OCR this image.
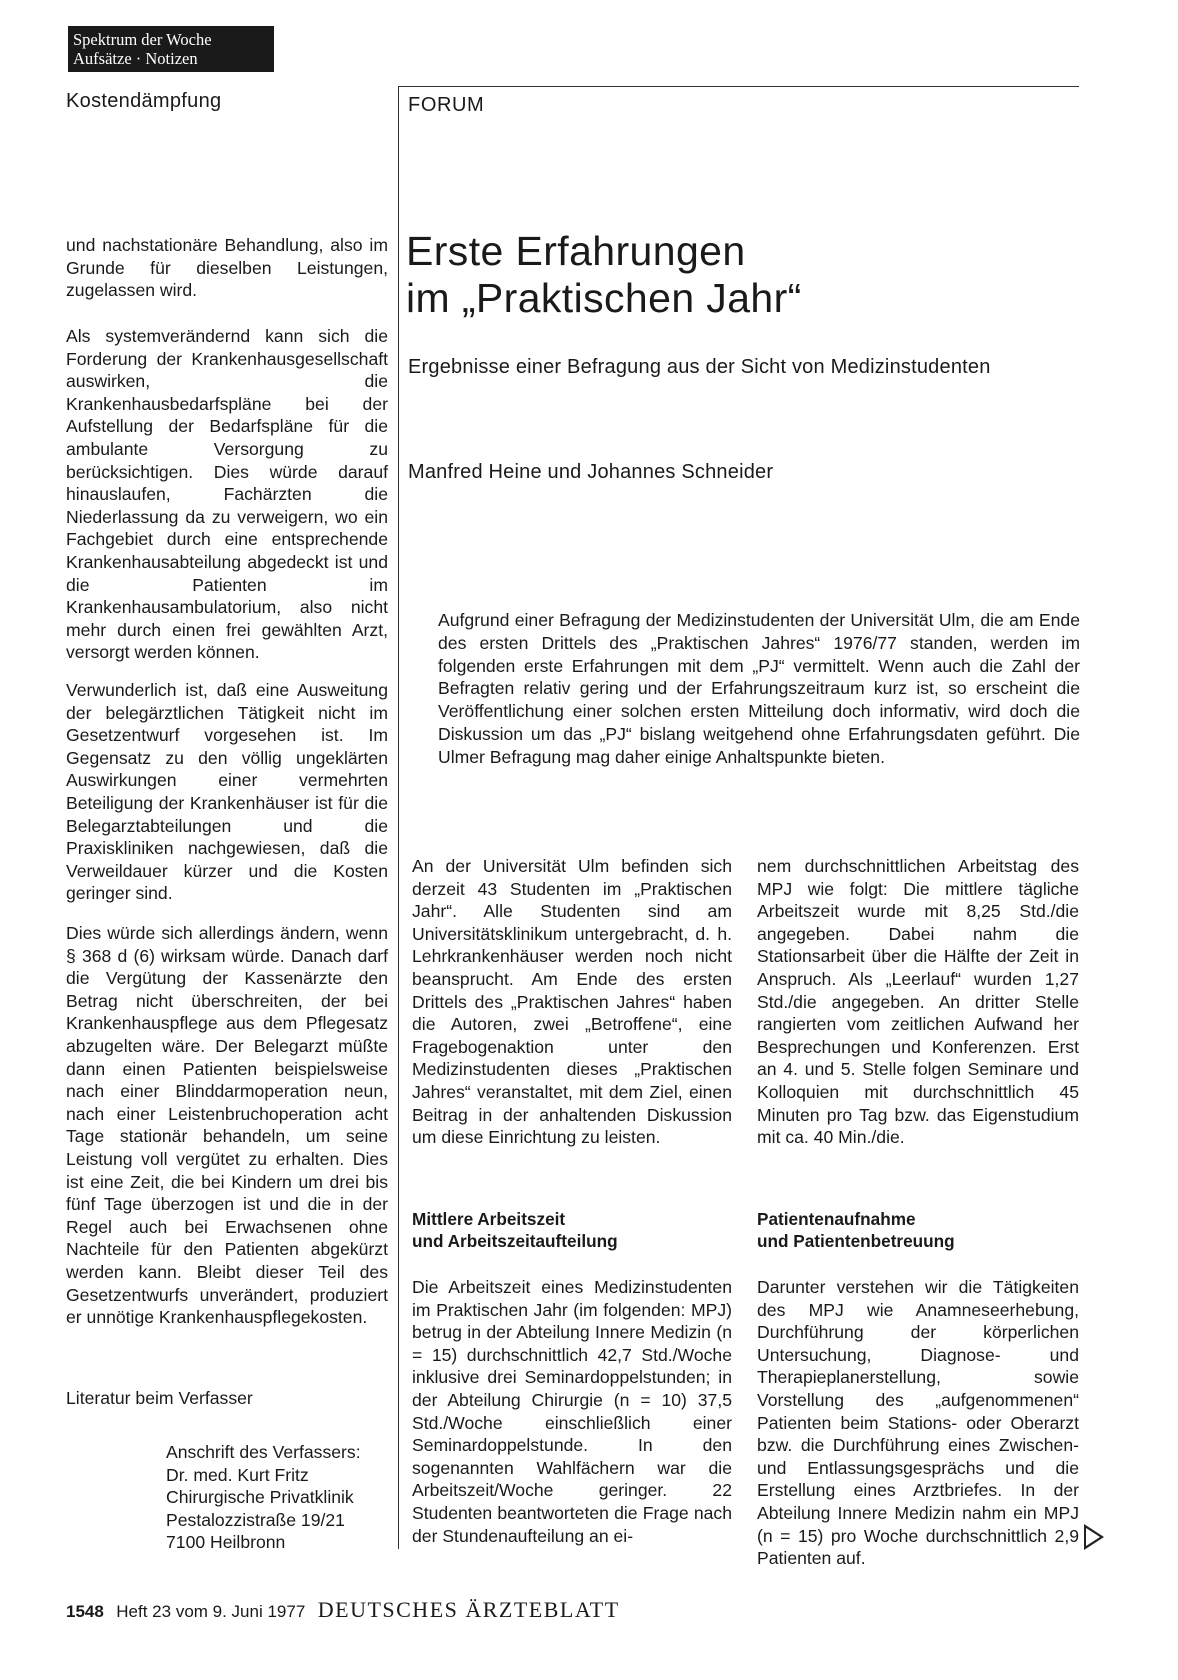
Spektrum der Woche
Aufsätze · Notizen
Kostendämpfung	FORUM

und nachstationäre Behandlung, also im Grunde für dieselben Leistungen, zugelassen wird.

Als systemverändernd kann sich die Forderung der Krankenhausgesellschaft auswirken, die Krankenhausbedarfspläne bei der Aufstellung der Bedarfspläne für die ambulante Versorgung zu berücksichtigen. Dies würde darauf hinauslaufen, Fachärzten die Niederlassung da zu verweigern, wo ein Fachgebiet durch eine entsprechende Krankenhausabteilung abgedeckt ist und die Patienten im Krankenhausambulatorium, also nicht mehr durch einen frei gewählten Arzt, versorgt werden können.

Verwunderlich ist, daß eine Ausweitung der belegärztlichen Tätigkeit nicht im Gesetzentwurf vorgesehen ist. Im Gegensatz zu den völlig ungeklärten Auswirkungen einer vermehrten Beteiligung der Krankenhäuser ist für die Belegarztabteilungen und die Praxiskliniken nachgewiesen, daß die Verweildauer kürzer und die Kosten geringer sind.

Dies würde sich allerdings ändern, wenn § 368 d (6) wirksam würde. Danach darf die Vergütung der Kassenärzte den Betrag nicht überschreiten, der bei Krankenhauspflege aus dem Pflegesatz abzugelten wäre. Der Belegarzt müßte dann einen Patienten beispielsweise nach einer Blinddarmoperation neun, nach einer Leistenbruchoperation acht Tage stationär behandeln, um seine Leistung voll vergütet zu erhalten. Dies ist eine Zeit, die bei Kindern um drei bis fünf Tage überzogen ist und die in der Regel auch bei Erwachsenen ohne Nachteile für den Patienten abgekürzt werden kann. Bleibt dieser Teil des Gesetzentwurfs unverändert, produziert er unnötige Krankenhauspflegekosten.

Literatur beim Verfasser
Anschrift des Verfassers:
Dr. med. Kurt Fritz
Chirurgische Privatklinik
Pestalozzistraße 19/21
7100 Heilbronn
Erste Erfahrungen
im „Praktischen Jahr“
Ergebnisse einer Befragung aus der Sicht von Medizinstudenten
Manfred Heine und Johannes Schneider
Aufgrund einer Befragung der Medizinstudenten der Universität Ulm, die am Ende des ersten Drittels des „Praktischen Jahres“ 1976/77 standen, werden im folgenden erste Erfahrungen mit dem „PJ“ vermittelt. Wenn auch die Zahl der Befragten relativ gering und der Erfahrungszeitraum kurz ist, so erscheint die Veröffentlichung einer solchen ersten Mitteilung doch informativ, wird doch die Diskussion um das „PJ“ bislang weitgehend ohne Erfahrungsdaten geführt. Die Ulmer Befragung mag daher einige Anhaltspunkte bieten.
An der Universität Ulm befinden sich derzeit 43 Studenten im „Praktischen Jahr“. Alle Studenten sind am Universitätsklinikum untergebracht, d. h. Lehrkrankenhäuser werden noch nicht beansprucht. Am Ende des ersten Drittels des „Praktischen Jahres“ haben die Autoren, zwei „Betroffene“, eine Fragebogenaktion unter den Medizinstudenten dieses „Praktischen Jahres“ veranstaltet, mit dem Ziel, einen Beitrag in der anhaltenden Diskussion um diese Einrichtung zu leisten.
Mittlere Arbeitszeit
und Arbeitszeitaufteilung
Die Arbeitszeit eines Medizinstudenten im Praktischen Jahr (im folgenden: MPJ) betrug in der Abteilung Innere Medizin (n = 15) durchschnittlich 42,7 Std./Woche inklusive drei Seminardoppelstunden; in der Abteilung Chirurgie (n = 10) 37,5 Std./Woche einschließlich einer Seminardoppelstunde. In den sogenannten Wahlfächern war die Arbeitszeit/Woche geringer. 22 Studenten beantworteten die Frage nach der Stundenaufteilung an ei-
nem durchschnittlichen Arbeitstag des MPJ wie folgt: Die mittlere tägliche Arbeitszeit wurde mit 8,25 Std./die angegeben. Dabei nahm die Stationsarbeit über die Hälfte der Zeit in Anspruch. Als „Leerlauf“ wurden 1,27 Std./die angegeben. An dritter Stelle rangierten vom zeitlichen Aufwand her Besprechungen und Konferenzen. Erst an 4. und 5. Stelle folgen Seminare und Kolloquien mit durchschnittlich 45 Minuten pro Tag bzw. das Eigenstudium mit ca. 40 Min./die.
Patientenaufnahme
und Patientenbetreuung
Darunter verstehen wir die Tätigkeiten des MPJ wie Anamneseerhebung, Durchführung der körperlichen Untersuchung, Diagnose- und Therapieplanerstellung, sowie Vorstellung des „aufgenommenen“ Patienten beim Stations- oder Oberarzt bzw. die Durchführung eines Zwischen- und Entlassungsgesprächs und die Erstellung eines Arztbriefes. In der Abteilung Innere Medizin nahm ein MPJ (n = 15) pro Woche durchschnittlich 2,9 Patienten auf.
1548 Heft 23 vom 9. Juni 1977 DEUTSCHES ÄRZTEBLATT
